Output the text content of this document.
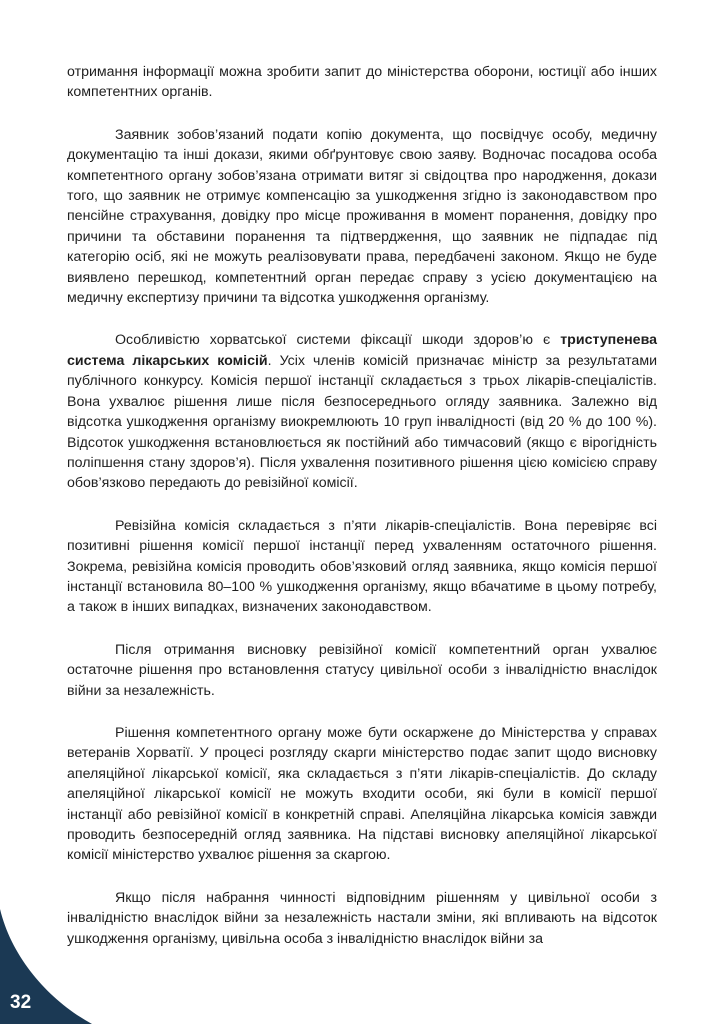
отримання інформації можна зробити запит до міністерства оборони, юстиції або інших компетентних органів.

Заявник зобов’язаний подати копію документа, що посвідчує особу, медичну документацію та інші докази, якими обґрунтовує свою заяву. Водночас посадова особа компетентного органу зобов’язана отримати витяг зі свідоцтва про народження, докази того, що заявник не отримує компенсацію за ушкодження згідно із законодавством про пенсійне страхування, довідку про місце проживання в момент поранення, довідку про причини та обставини поранення та підтвердження, що заявник не підпадає під категорію осіб, які не можуть реалізовувати права, передбачені законом. Якщо не буде виявлено перешкод, компетентний орган передає справу з усією документацією на медичну експертизу причини та відсотка ушкодження організму.

Особливістю хорватської системи фіксації шкоди здоров’ю є триступенева система лікарських комісій. Усіх членів комісій призначає міністр за результатами публічного конкурсу. Комісія першої інстанції складається з трьох лікарів-спеціалістів. Вона ухвалює рішення лише після безпосереднього огляду заявника. Залежно від відсотка ушкодження організму виокремлюють 10 груп інвалідності (від 20 % до 100 %). Відсоток ушкодження встановлюється як постійний або тимчасовий (якщо є вірогідність поліпшення стану здоров’я). Після ухвалення позитивного рішення цією комісією справу обов’язково передають до ревізійної комісії.

Ревізійна комісія складається з п’яти лікарів-спеціалістів. Вона перевіряє всі позитивні рішення комісії першої інстанції перед ухваленням остаточного рішення. Зокрема, ревізійна комісія проводить обов’язковий огляд заявника, якщо комісія першої інстанції встановила 80–100 % ушкодження організму, якщо вбачатиме в цьому потребу, а також в інших випадках, визначених законодавством.

Після отримання висновку ревізійної комісії компетентний орган ухвалює остаточне рішення про встановлення статусу цивільної особи з інвалідністю внаслідок війни за незалежність.

Рішення компетентного органу може бути оскаржене до Міністерства у справах ветеранів Хорватії. У процесі розгляду скарги міністерство подає запит щодо висновку апеляційної лікарської комісії, яка складається з п’яти лікарів-спеціалістів. До складу апеляційної лікарської комісії не можуть входити особи, які були в комісії першої інстанції або ревізійної комісії в конкретній справі. Апеляційна лікарська комісія завжди проводить безпосередній огляд заявника. На підставі висновку апеляційної лікарської комісії міністерство ухвалює рішення за скаргою.

Якщо після набрання чинності відповідним рішенням у цивільної особи з інвалідністю внаслідок війни за незалежність настали зміни, які впливають на відсоток ушкодження організму, цивільна особа з інвалідністю внаслідок війни за

32
